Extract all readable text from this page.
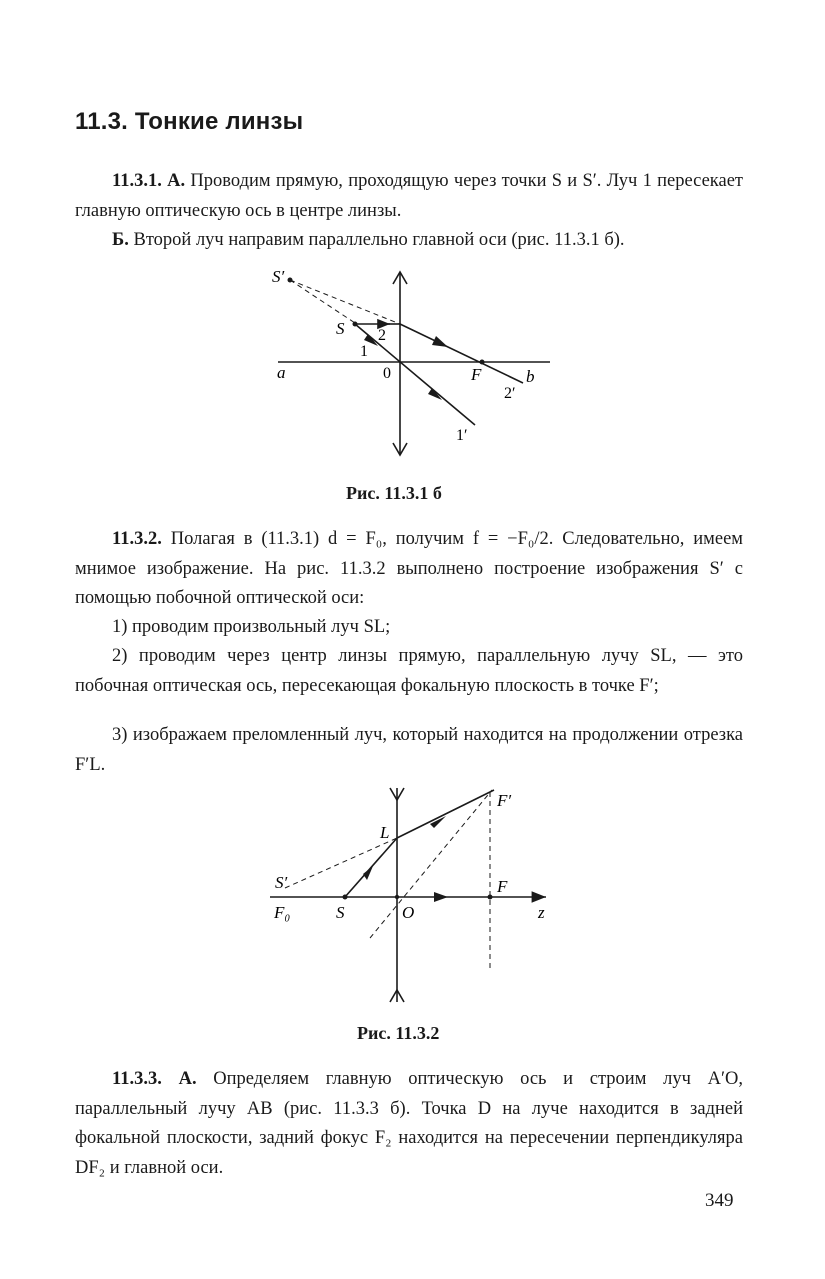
11.3. Тонкие линзы

11.3.1. А. Проводим прямую, проходящую через точки S и S′. Луч 1 пересекает главную оптическую ось в центре линзы.

Б. Второй луч направим параллельно главной оси (рис. 11.3.1 б).

S′
S 2
1
a	0	F	b
2′
1′
Рис. 11.3.1 б

11.3.2. Полагая в (11.3.1) d = F₀, получим f = −F₀/2. Следовательно, имеем мнимое изображение. На рис. 11.3.2 выполнено построение изображения S′ с помощью побочной оптической оси:

1) проводим произвольный луч SL;

2) проводим через центр линзы прямую, параллельную лучу SL, — это побочная оптическая ось, пересекающая фокальную плоскость в точке F′;

3) изображаем преломленный луч, который находится на продолжении отрезка F′L.

F′
L
S′	F
F₀	S	O	z
Рис. 11.3.2

11.3.3. А. Определяем главную оптическую ось и строим луч A′O, параллельный лучу AB (рис. 11.3.3 б). Точка D на луче находится в задней фокальной плоскости, задний фокус F₂ находится на пересечении перпендикуляра DF₂ и главной оси.

349
